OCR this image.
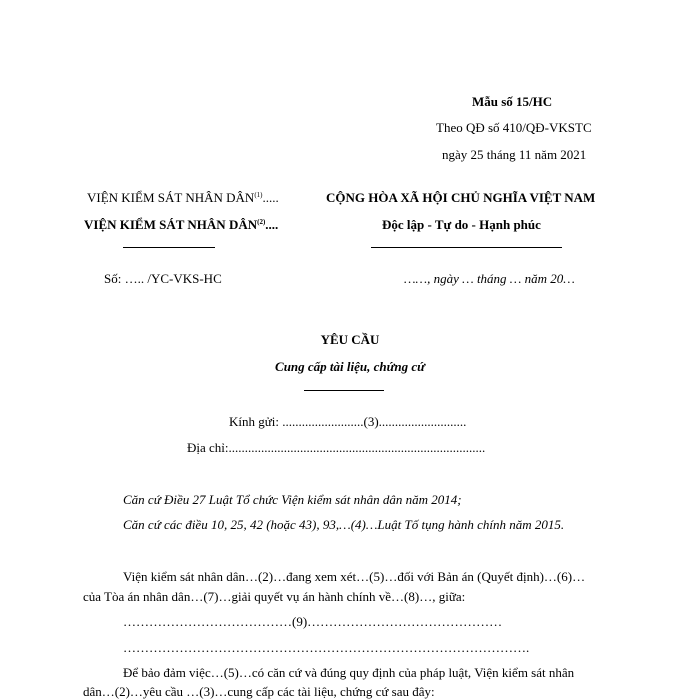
Mẫu số 15/HC
Theo QĐ số 410/QĐ-VKSTC
ngày 25 tháng 11 năm 2021
VIỆN KIỂM SÁT NHÂN DÂN$^{(1)}$.....
VIỆN KIỂM SÁT NHÂN DÂN$^{(2)}$....
Số: ….. /YC-VKS-HC
CỘNG HÒA XÃ HỘI CHỦ NGHĨA VIỆT NAM
Độc lập - Tự do - Hạnh phúc
……, ngày … tháng … năm 20…
YÊU CẦU
Cung cấp tài liệu, chứng cứ
Kính gửi: .........................(3)...........................
Địa chỉ:...............................................................................
Căn cứ Điều 27 Luật Tổ chức Viện kiểm sát nhân dân năm 2014;
Căn cứ các điều 10, 25, 42 (hoặc 43), 93,…(4)…Luật Tố tụng hành chính năm 2015.
Viện kiểm sát nhân dân…(2)…đang xem xét…(5)…đối với Bản án (Quyết định)…(6)…
của Tòa án nhân dân…(7)…giải quyết vụ án hành chính về…(8)…, giữa:
…………………………………(9)………………………………………
………………………………………………………………………………….
Để bảo đảm việc…(5)…có căn cứ và đúng quy định của pháp luật, Viện kiểm sát nhân
dân…(2)…yêu cầu …(3)…cung cấp các tài liệu, chứng cứ sau đây:
